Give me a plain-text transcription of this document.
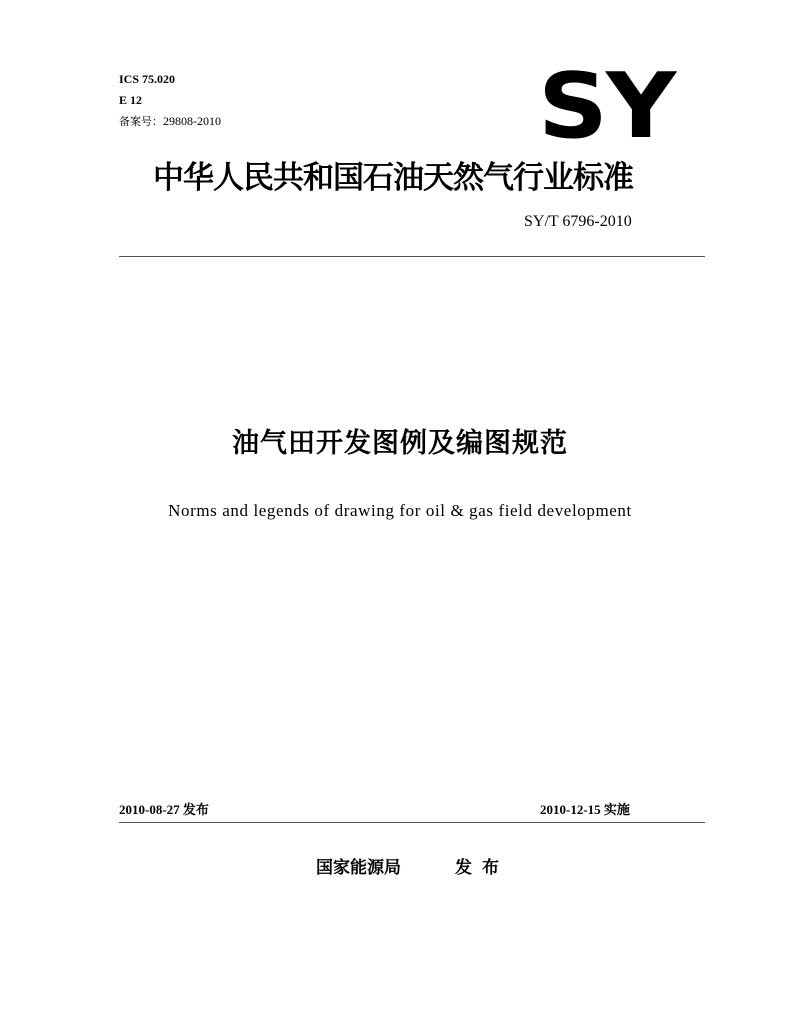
ICS 75.020
E 12
备案号：29808-2010	SY
中华人民共和国石油天然气行业标准
SY/T 6796-2010
油气田开发图例及编图规范
Norms and legends of drawing for oil & gas field development
2010-08-27 发布	2010-12-15 实施
国家能源局	发布
